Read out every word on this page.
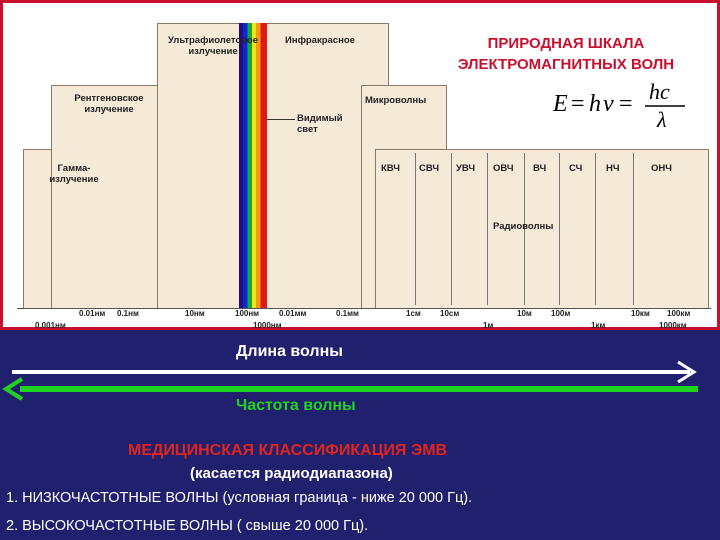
Гамма-
излучение
Рентгеновское
излучение
Ультрафиолетовое
излучение
Инфракрасное
Видимый
свет
Микроволны
Радиоволны
КВЧ СВЧ УВЧ ОВЧ ВЧ СЧ НЧ	ОНЧ
0.01нм 0.1нм	10нм	100нм 0.01мм	0.1мм	1см 10см	10м 100м	10км 100км
0.001нм	1000нм	1м	1км	1000км
ПРИРОДНАЯ ШКАЛА
ЭЛЕКТРОМАГНИТНЫХ ВОЛН
E = h ν = hc
λ
Длина волны
Частота волны
МЕДИЦИНСКАЯ КЛАССИФИКАЦИЯ ЭМВ
(касается радиодиапазона)
1. НИЗКОЧАСТОТНЫЕ ВОЛНЫ (условная граница - ниже 20 000 Гц).
2. ВЫСОКОЧАСТОТНЫЕ ВОЛНЫ ( свыше 20 000 Гц).
